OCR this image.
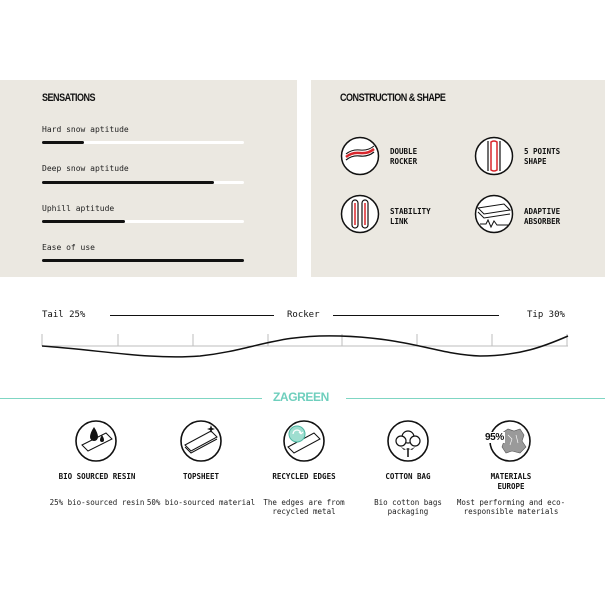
SENSATIONS
Hard snow aptitude
Deep snow aptitude
Uphill aptitude
Ease of use
CONSTRUCTION & SHAPE
DOUBLE
ROCKER
5 POINTS
SHAPE
STABILITY
LINK
ADAPTIVE
ABSORBER
Tail 25%	Rocker	Tip 30%
ZAGREEN
BIO SOURCED RESIN
25% bio-sourced resin
TOPSHEET
50% bio-sourced material
RECYCLED EDGES
The edges are from recycled metal
COTTON BAG
Bio cotton bags packaging
95%
MATERIALS
EUROPE
Most performing and eco-responsible materials
